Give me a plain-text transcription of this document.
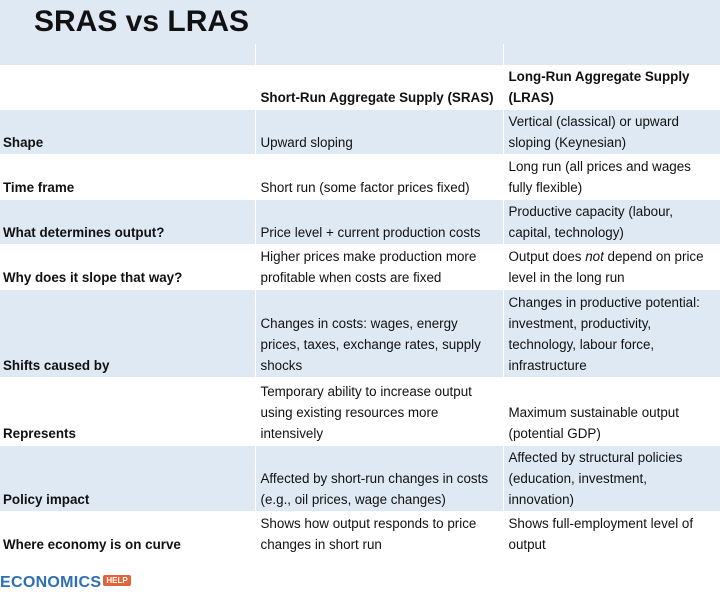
SRAS vs LRAS

	Short-Run Aggregate Supply (SRAS)	Long-Run Aggregate Supply
(LRAS)
Shape	Upward sloping	Vertical (classical) or upward sloping (Keynesian)
Time frame	Short run (some factor prices fixed)	Long run (all prices and wages fully flexible)
What determines output?	Price level + current production costs	Productive capacity (labour, capital, technology)
Why does it slope that way?	Higher prices make production more profitable when costs are fixed	Output does not depend on price level in the long run
Shifts caused by	Changes in costs: wages, energy prices, taxes, exchange rates, supply shocks	Changes in productive potential: investment, productivity, technology, labour force, infrastructure
Represents	Temporary ability to increase output using existing resources more intensively	Maximum sustainable output (potential GDP)
Policy impact	Affected by short-run changes in costs (e.g., oil prices, wage changes)	Affected by structural policies (education, investment, innovation)
Where economy is on curve	Shows how output responds to price changes in short run	Shows full-employment level of output
ECONOMICS HELP
